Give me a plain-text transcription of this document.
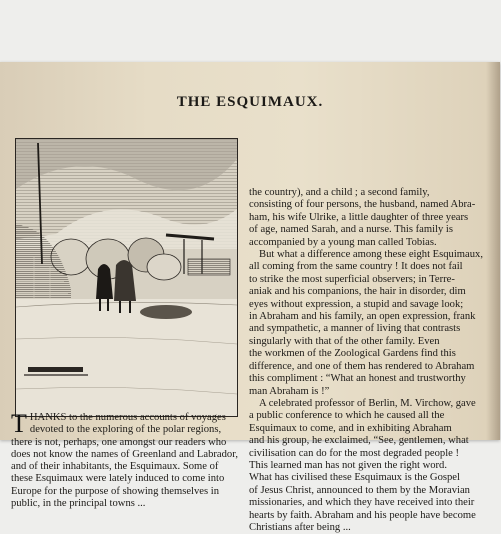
THE ESQUIMAUX.
the country), and a child ; a second family,
consisting of four persons, the husband, named Abra-
ham, his wife Ulrike, a little daughter of three years
of age, named Sarah, and a nurse. This family is
accompanied by a young man called Tobias.
But what a difference among these eight Esquimaux,
all coming from the same country ! It does not fail
to strike the most superficial observers; in Terre-
aniak and his companions, the hair in disorder, dim
eyes without expression, a stupid and savage look;
in Abraham and his family, an open expression, frank
and sympathetic, a manner of living that contrasts
singularly with that of the other family. Even
the workmen of the Zoological Gardens find this
difference, and one of them has rendered to Abraham
this compliment : “What an honest and trustworthy
man Abraham is !”
A celebrated professor of Berlin, M. Virchow, gave
a public conference to which he caused all the
Esquimaux to come, and in exhibiting Abraham
and his group, he exclaimed, “See, gentlemen, what
civilisation can do for the most degraded people !
This learned man has not given the right word.
What has civilised these Esquimaux is the Gospel
of Jesus Christ, announced to them by the Moravian
missionaries, and which they have received into their
hearts by faith. Abraham and his people have become
Christians after being ...
T HANKS to the numerous accounts of voyages
devoted to the exploring of the polar regions,
there is not, perhaps, one amongst our readers who
does not know the names of Greenland and Labrador,
and of their inhabitants, the Esquimaux. Some of
these Esquimaux were lately induced to come into
Europe for the purpose of showing themselves in
public, in the principal towns ...
